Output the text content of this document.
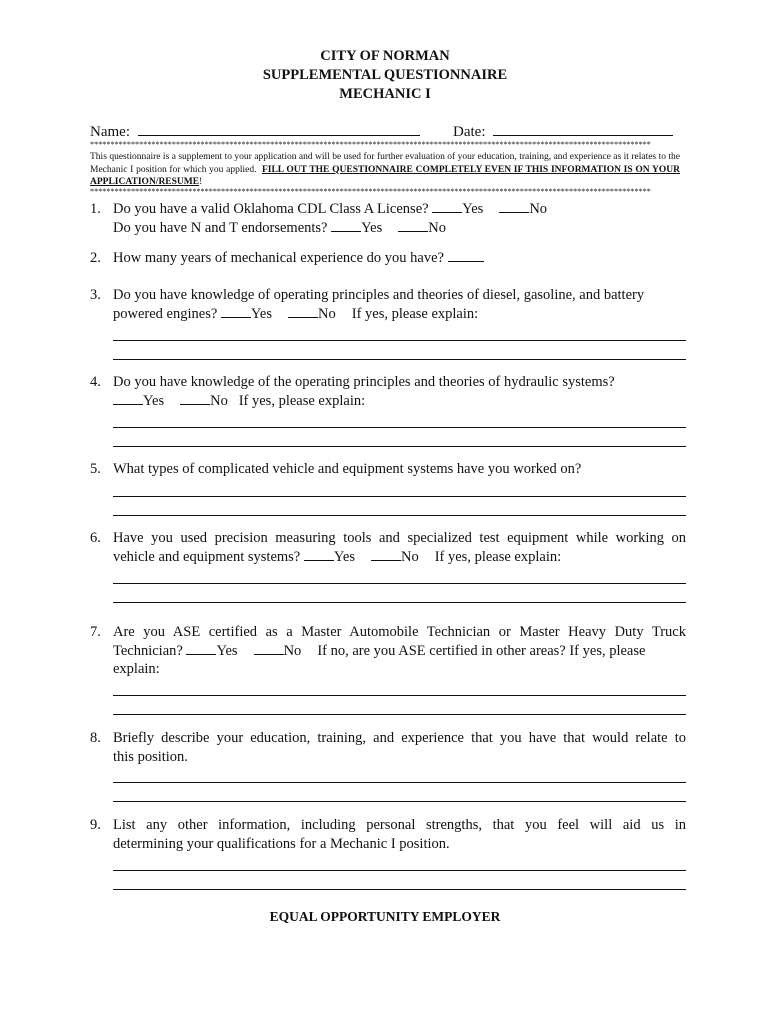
CITY OF NORMAN
SUPPLEMENTAL QUESTIONNAIRE
MECHANIC I
Name:	Date:
*****************************************************************************************************************************************
This questionnaire is a supplement to your application and will be used for further evaluation of your education, training, and experience as it relates to the Mechanic I position for which you applied. FILL OUT THE QUESTIONNAIRE COMPLETELY EVEN IF THIS INFORMATION IS ON YOUR APPLICATION/RESUME!
*****************************************************************************************************************************************
1. Do you have a valid Oklahoma CDL Class A License? Yes	No
Do you have N and T endorsements? Yes	No
2. How many years of mechanical experience do you have?
3. Do you have knowledge of operating principles and theories of diesel, gasoline, and battery
powered engines? Yes	No If yes, please explain:
4. Do you have knowledge of the operating principles and theories of hydraulic systems?
Yes	No If yes, please explain:
5. What types of complicated vehicle and equipment systems have you worked on?
6. Have you used precision measuring tools and specialized test equipment while working on
vehicle and equipment systems? Yes	No If yes, please explain:
7. Are you ASE certified as a Master Automobile Technician or Master Heavy Duty Truck
Technician? Yes	No If no, are you ASE certified in other areas? If yes, please
explain:
8. Briefly describe your education, training, and experience that you have that would relate to
this position.
9. List any other information, including personal strengths, that you feel will aid us in
determining your qualifications for a Mechanic I position.
EQUAL OPPORTUNITY EMPLOYER
